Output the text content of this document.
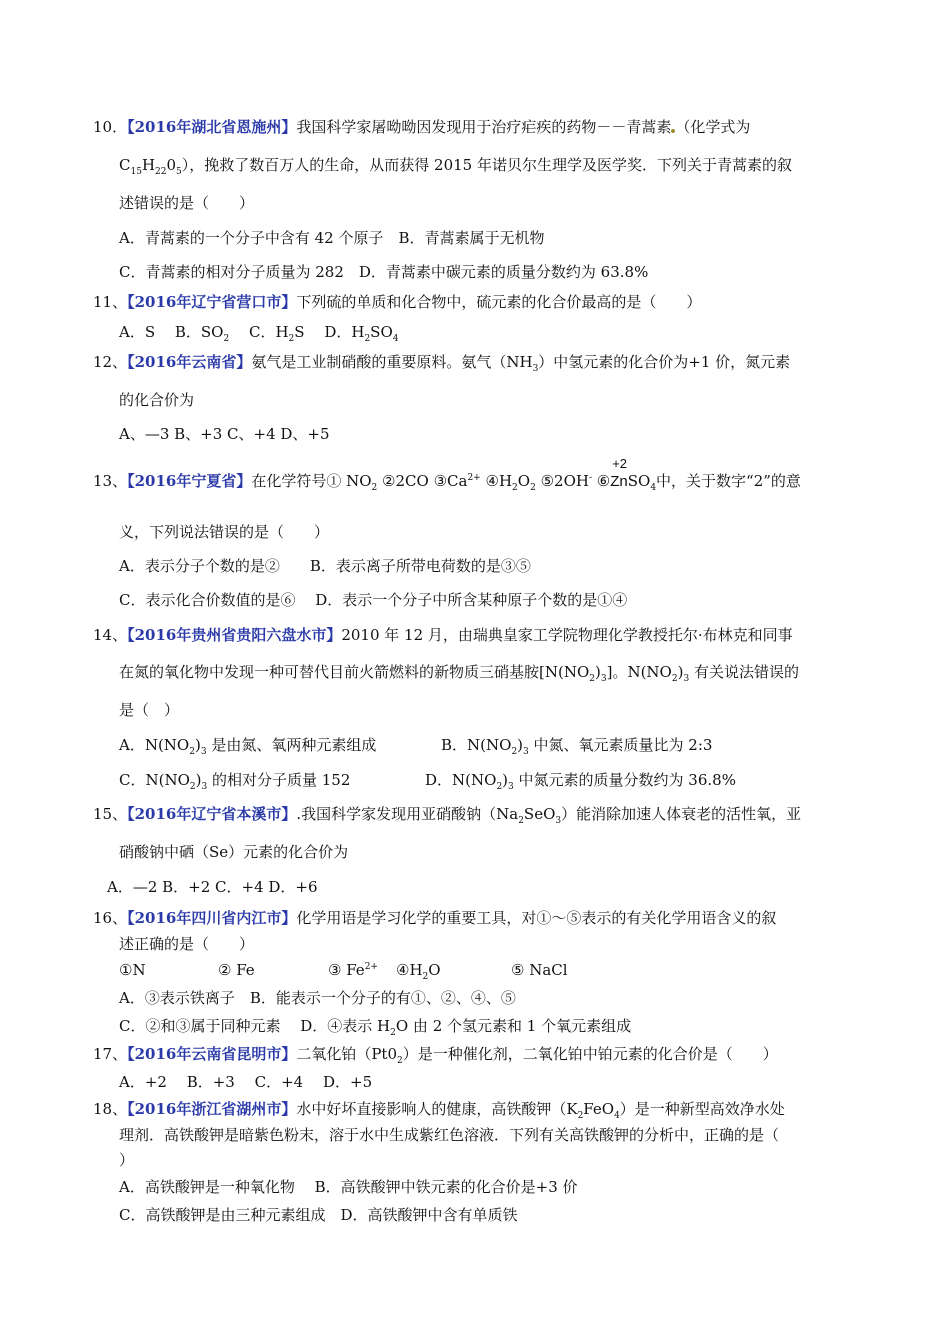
10．【2016年湖北省恩施州】我国科学家屠呦呦因发现用于治疗疟疾的药物－－青蒿素 （化学式为
$C_{15}H_{22}0_5$），挽救了数百万人的生命，从而获得 2015 年诺贝尔生理学及医学奖．下列关于青蒿素的叙
述错误的是（　　）
A．青蒿素的一个分子中含有 42 个原子　B．青蒿素属于无机物
C．青蒿素的相对分子质量为 282　D．青蒿素中碳元素的质量分数约为 63.8%
11、【2016年辽宁省营口市】下列硫的单质和化合物中，硫元素的化合价最高的是（　　）
A．S　 B．$SO_2$　 C．$H_2S$　 D．$H_2SO_4$
12、【2016年云南省】氨气是工业制硝酸的重要原料。氨气$(NH_3)$中氢元素的化合价为+1 价，氮元素
的化合价为
A、—3 B、+3 C、+4 D、+5
13、【2016年宁夏省】在化学符号① $NO_2$ ②2CO $③Ca^{2+}$ $④H_2O_2$ ⑤2OH- ⑥
+2
ZnSO$_4$中，关于数字“2”的意
义，下列说法错误的是（　　）
A．表示分子个数的是②　　B．表示离子所带电荷数的是③⑤
C．表示化合价数值的是⑥　 D．表示一个分子中所含某种原子个数的是①④
14、【2016年贵州省贵阳六盘水市】2010 年 12 月，由瑞典皇家工学院物理化学教授托尔·布林克和同事
在氮的氧化物中发现一种可替代目前火箭燃料的新物质三硝基胺$[N(NO_2)_3]$。$N(NO_2)_3$ 有关说法错误的
是（　）
A．$N(NO_2)_3$ 是由氮、氧两种元素组成	B．$N(NO_2)_3$ 中氮、氧元素质量比为 2:3
C．$N(NO_2)_3$ 的相对分子质量 152	D．$N(NO_2)_3$ 中氮元素的质量分数约为 36.8%
15、【2016年辽宁省本溪市】.我国科学家发现用亚硝酸钠$(Na_2SeO_3)$能消除加速人体衰老的活性氧，亚
硝酸钠中硒（Se）元素的化合价为
A．—2 B．+2 C．+4 D．+6
16、【2016年四川省内江市】化学用语是学习化学的重要工具，对①～⑤表示的有关化学用语含义的叙
述正确的是（　　）
①N	② Fe	③ $Fe^{2+}$ $④H_2O$	⑤ NaCl
A．③表示铁离子　B．能表示一个分子的有①、②、④、⑤
C．②和③属于同种元素　 D．④表示 $H_2O$ 由 2 个氢元素和 1 个氧元素组成
17、【2016年云南省昆明市】二氧化铂$(Pt0_2)$是一种催化剂，二氧化铂中铂元素的化合价是（　　）
A．+2　 B．+3　 C．+4　 D．+5
18、【2016年浙江省湖州市】水中好坏直接影响人的健康，高铁酸钾$(K_2FeO_4)$是一种新型高效净水处
理剂．高铁酸钾是暗紫色粉末，溶于水中生成紫红色溶液．下列有关高铁酸钾的分析中，正确的是（
）
A．高铁酸钾是一种氧化物　 B．高铁酸钾中铁元素的化合价是+3 价
C．高铁酸钾是由三种元素组成　D．高铁酸钾中含有单质铁
